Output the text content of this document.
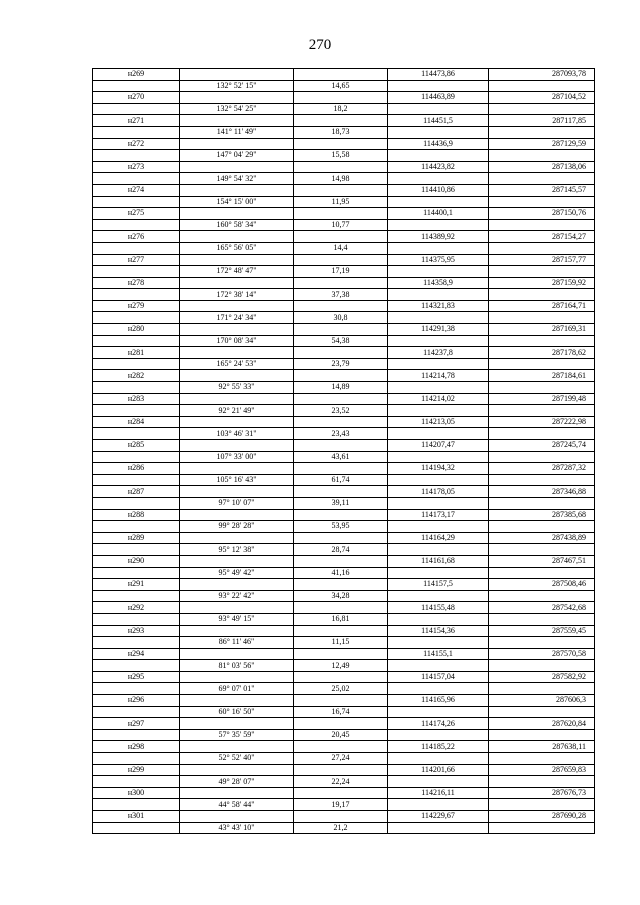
270
н269			114473,86	287093,78
	132° 52' 15"	14,65		
н270			114463,89	287104,52
	132° 54' 25"	18,2		
н271			114451,5	287117,85
	141° 11' 49"	18,73		
н272			114436,9	287129,59
	147° 04' 29"	15,58		
н273			114423,82	287138,06
	149° 54' 32"	14,98		
н274			114410,86	287145,57
	154° 15' 00"	11,95		
н275			114400,1	287150,76
	160° 58' 34"	10,77		
н276			114389,92	287154,27
	165° 56' 05"	14,4		
н277			114375,95	287157,77
	172° 48' 47"	17,19		
н278			114358,9	287159,92
	172° 38' 14"	37,38		
н279			114321,83	287164,71
	171° 24' 34"	30,8		
н280			114291,38	287169,31
	170° 08' 34"	54,38		
н281			114237,8	287178,62
	165° 24' 53"	23,79		
н282			114214,78	287184,61
	92° 55' 33"	14,89		
н283			114214,02	287199,48
	92° 21' 49"	23,52		
н284			114213,05	287222,98
	103° 46' 31"	23,43		
н285			114207,47	287245,74
	107° 33' 00"	43,61		
н286			114194,32	287287,32
	105° 16' 43"	61,74		
н287			114178,05	287346,88
	97° 10' 07"	39,11		
н288			114173,17	287385,68
	99° 28' 28"	53,95		
н289			114164,29	287438,89
	95° 12' 38"	28,74		
н290			114161,68	287467,51
	95° 49' 42"	41,16		
н291			114157,5	287508,46
	93° 22' 42"	34,28		
н292			114155,48	287542,68
	93° 49' 15"	16,81		
н293			114154,36	287559,45
	86° 11' 46"	11,15		
н294			114155,1	287570,58
	81° 03' 56"	12,49		
н295			114157,04	287582,92
	69° 07' 01"	25,02		
н296			114165,96	287606,3
	60° 16' 50"	16,74		
н297			114174,26	287620,84
	57° 35' 59"	20,45		
н298			114185,22	287638,11
	52° 52' 40"	27,24		
н299			114201,66	287659,83
	49° 28' 07"	22,24		
н300			114216,11	287676,73
	44° 58' 44"	19,17		
н301			114229,67	287690,28
	43° 43' 10"	21,2		
